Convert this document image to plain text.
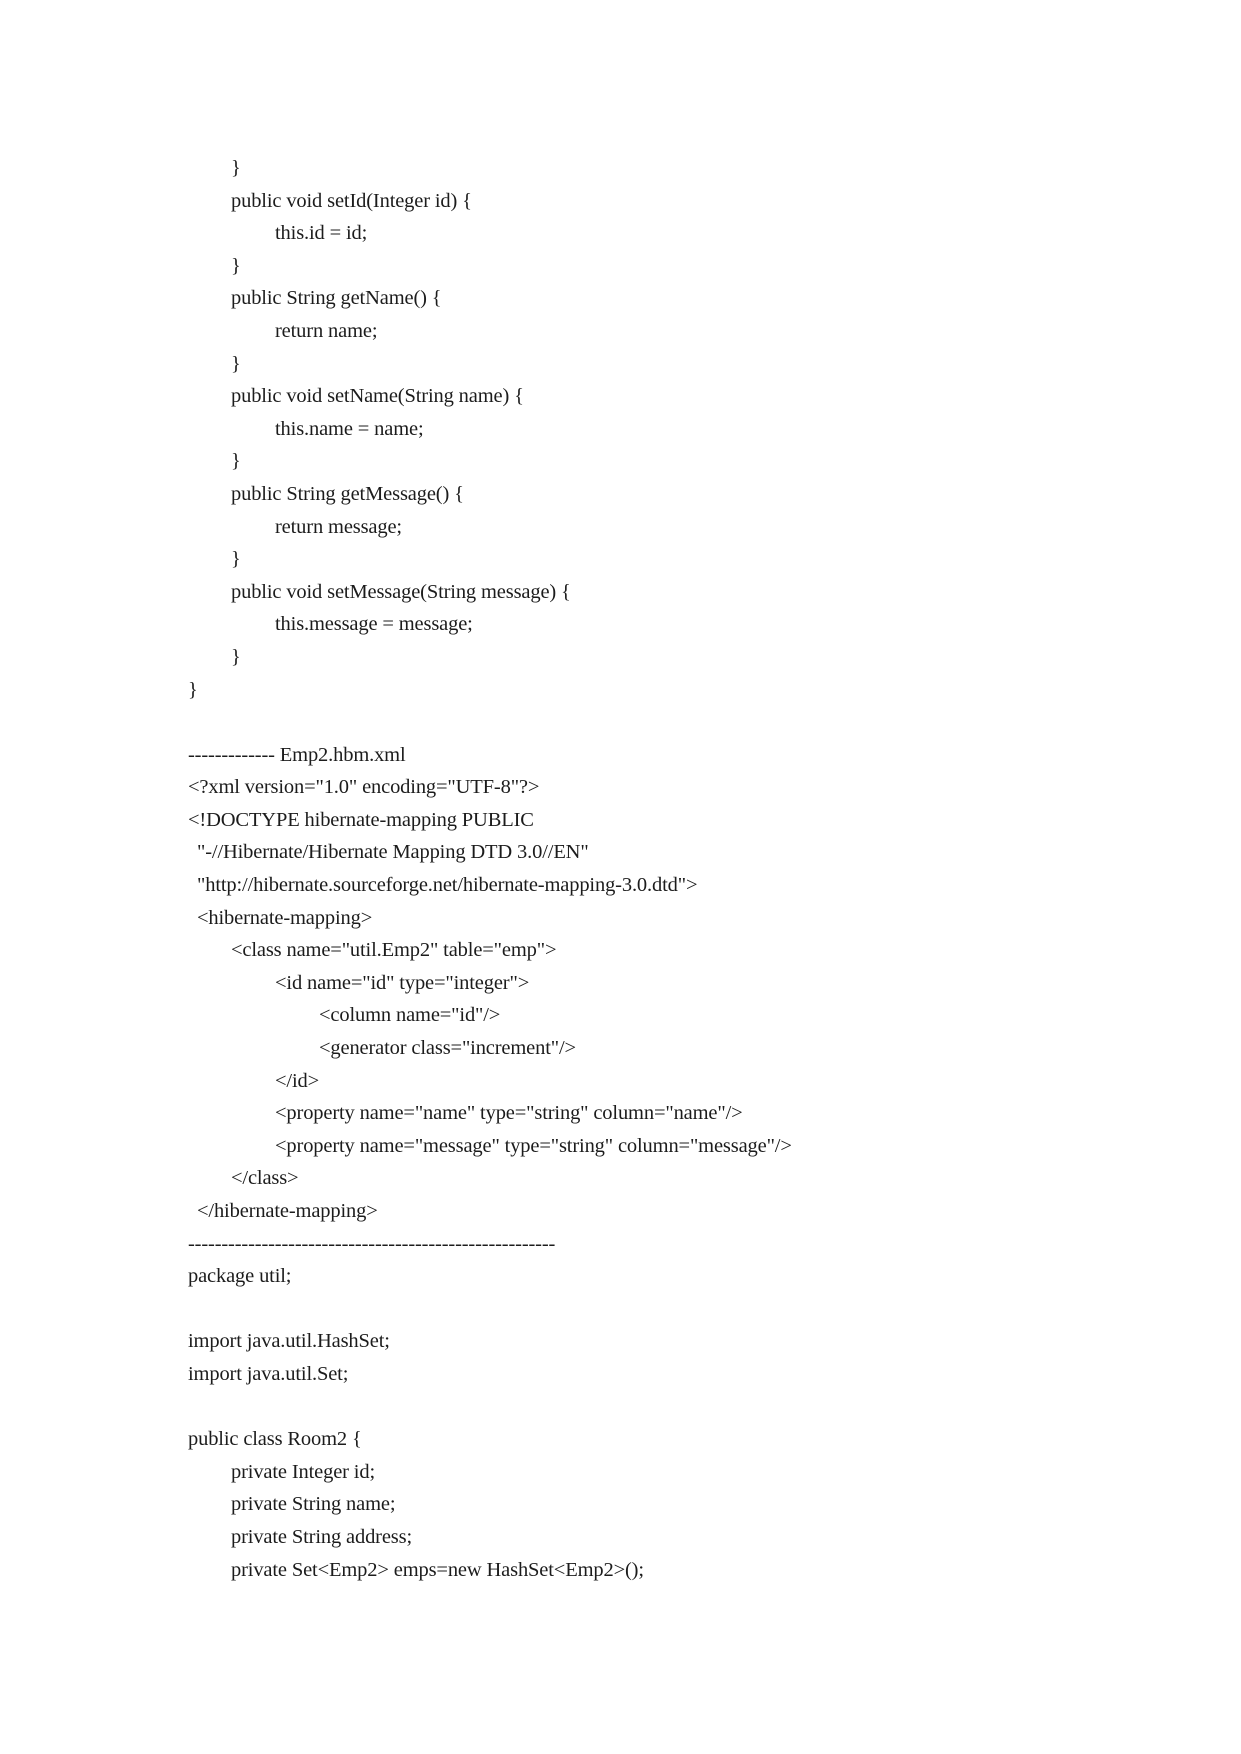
}
public void setId(Integer id) {
this.id = id;
}
public String getName() {
return name;
}
public void setName(String name) {
this.name = name;
}
public String getMessage() {
return message;
}
public void setMessage(String message) {
this.message = message;
}
}
------------- Emp2.hbm.xml
<?xml version="1.0" encoding="UTF-8"?>
<!DOCTYPE hibernate-mapping PUBLIC
"-//Hibernate/Hibernate Mapping DTD 3.0//EN"
"http://hibernate.sourceforge.net/hibernate-mapping-3.0.dtd">
<hibernate-mapping>
<class name="util.Emp2" table="emp">
<id name="id" type="integer">
<column name="id"/>
<generator class="increment"/>
</id>
<property name="name" type="string" column="name"/>
<property name="message" type="string" column="message"/>
</class>
</hibernate-mapping>
-------------------------------------------------------
package util;
import java.util.HashSet;
import java.util.Set;
public class Room2 {
private Integer id;
private String name;
private String address;
private Set<Emp2> emps=new HashSet<Emp2>();
